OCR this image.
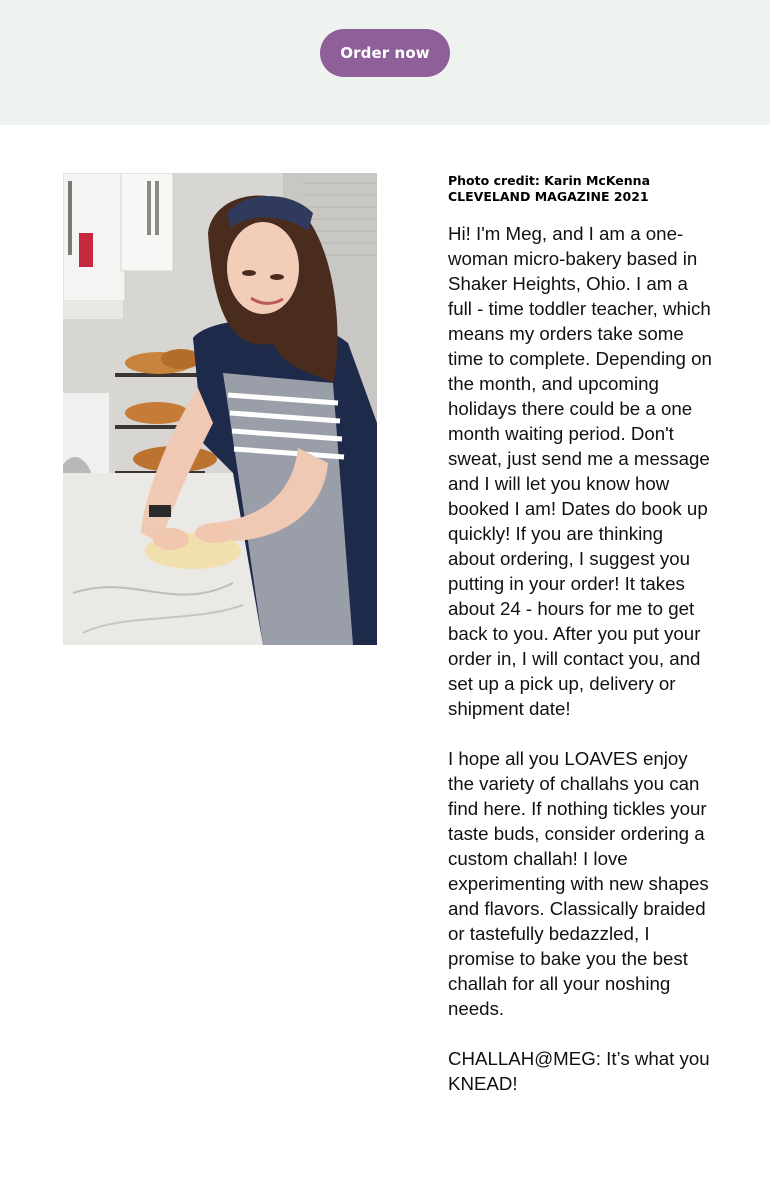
Order now
Photo credit: Karin McKenna
CLEVELAND MAGAZINE 2021

Hi! I'm Meg, and I am a one-woman micro-bakery based in Shaker Heights, Ohio. I am a full - time toddler teacher, which means my orders take some time to complete. Depending on the month, and upcoming holidays there could be a one month waiting period. Don't sweat, just send me a message and I will let you know how booked I am! Dates do book up quickly! If you are thinking about ordering, I suggest you putting in your order! It takes about 24 - hours for me to get back to you. After you put your order in, I will contact you, and set up a pick up, delivery or shipment date!

I hope all you LOAVES enjoy the variety of challahs you can find here. If nothing tickles your taste buds, consider ordering a custom challah! I love experimenting with new shapes and flavors. Classically braided or tastefully bedazzled, I promise to bake you the best challah for all your noshing needs.

CHALLAH@MEG: It’s what you KNEAD!
